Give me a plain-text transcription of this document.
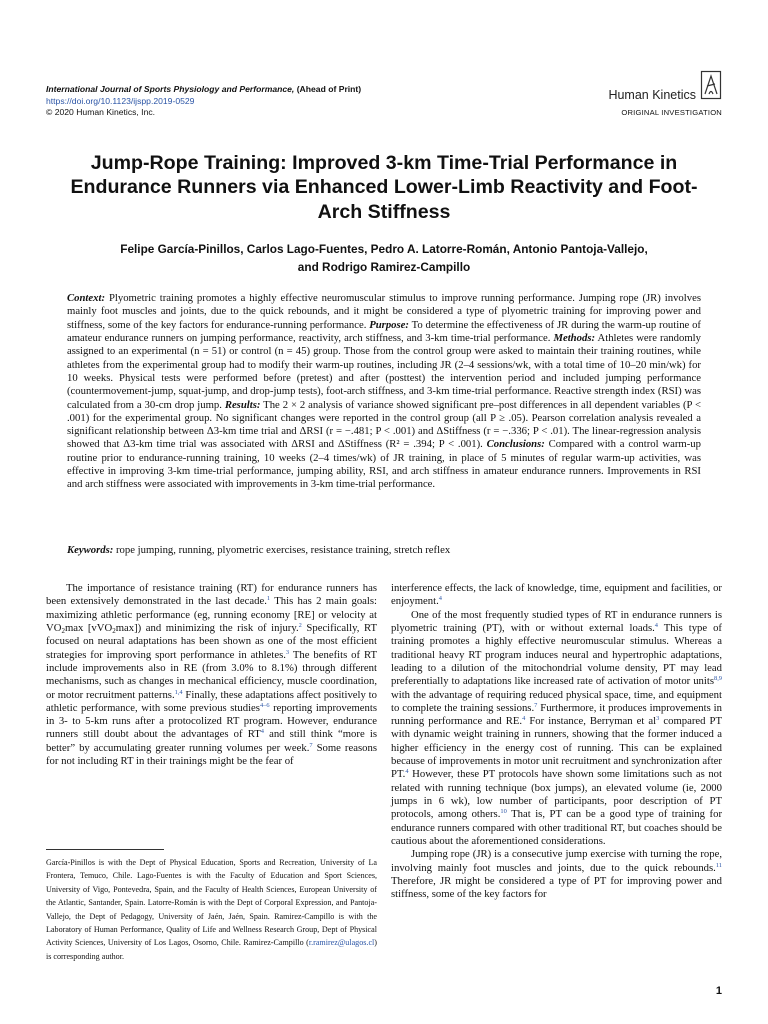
International Journal of Sports Physiology and Performance, (Ahead of Print)
https://doi.org/10.1123/ijspp.2019-0529
© 2020 Human Kinetics, Inc.
Human Kinetics
ORIGINAL INVESTIGATION
Jump-Rope Training: Improved 3-km Time-Trial Performance in Endurance Runners via Enhanced Lower-Limb Reactivity and Foot-Arch Stiffness
Felipe García-Pinillos, Carlos Lago-Fuentes, Pedro A. Latorre-Román, Antonio Pantoja-Vallejo,
and Rodrigo Ramirez-Campillo
Context: Plyometric training promotes a highly effective neuromuscular stimulus to improve running performance. Jumping rope (JR) involves mainly foot muscles and joints, due to the quick rebounds, and it might be considered a type of plyometric training for improving power and stiffness, some of the key factors for endurance-running performance. Purpose: To determine the effectiveness of JR during the warm-up routine of amateur endurance runners on jumping performance, reactivity, arch stiffness, and 3-km time-trial performance. Methods: Athletes were randomly assigned to an experimental (n = 51) or control (n = 45) group. Those from the control group were asked to maintain their training routines, while athletes from the experimental group had to modify their warm-up routines, including JR (2–4 sessions/wk, with a total time of 10–20 min/wk) for 10 weeks. Physical tests were performed before (pretest) and after (posttest) the intervention period and included jumping performance (countermovement-jump, squat-jump, and drop-jump tests), foot-arch stiffness, and 3-km time-trial performance. Reactive strength index (RSI) was calculated from a 30-cm drop jump. Results: The 2 × 2 analysis of variance showed significant pre–post differences in all dependent variables (P < .001) for the experimental group. No significant changes were reported in the control group (all P ≥ .05). Pearson correlation analysis revealed a significant relationship between Δ3-km time trial and ΔRSI (r = −.481; P < .001) and ΔStiffness (r = −.336; P < .01). The linear-regression analysis showed that Δ3-km time trial was associated with ΔRSI and ΔStiffness (R² = .394; P < .001). Conclusions: Compared with a control warm-up routine prior to endurance-running training, 10 weeks (2–4 times/wk) of JR training, in place of 5 minutes of regular warm-up activities, was effective in improving 3-km time-trial performance, jumping ability, RSI, and arch stiffness in amateur endurance runners. Improvements in RSI and arch stiffness were associated with improvements in 3-km time-trial performance.
Keywords: rope jumping, running, plyometric exercises, resistance training, stretch reflex

The importance of resistance training (RT) for endurance runners has been extensively demonstrated in the last decade.$^1$ This has 2 main goals: maximizing athletic performance (eg, running economy [RE] or velocity at $VO_2\max$ [vVO$_2$max]) and minimizing the risk of injury.$^2$ Specifically, RT focused on neural adaptations has been shown as one of the most efficient strategies for improving sport performance in athletes.$^3$ The benefits of RT include improvements also in RE (from 3.0% to 8.1%) through different mechanisms, such as changes in mechanical efficiency, muscle coordination, or motor recruitment patterns.$^{1,4}$ Finally, these adaptations affect positively to athletic performance, with some previous studies$^{4-6}$ reporting improvements in 3- to 5-km runs after a protocolized RT program. However, endurance runners still doubt about the advantages of $RT^4$ and still think “more is better” by accumulating greater running volumes per week.$^7$ Some reasons for not including RT in their trainings might be the fear of

García-Pinillos is with the Dept of Physical Education, Sports and Recreation, University of La Frontera, Temuco, Chile. Lago-Fuentes is with the Faculty of Education and Sport Sciences, University of Vigo, Pontevedra, Spain, and the Faculty of Health Sciences, European University of the Atlantic, Santander, Spain. Latorre-Román is with the Dept of Corporal Expression, and Pantoja-Vallejo, the Dept of Pedagogy, University of Jaén, Jaén, Spain. Ramirez-Campillo is with the Laboratory of Human Performance, Quality of Life and Wellness Research Group, Dept of Physical Activity Sciences, University of Los Lagos, Osorno, Chile. Ramirez-Campillo (r.ramirez@ulagos.cl) is corresponding author.

interference effects, the lack of knowledge, time, equipment and facilities, or enjoyment.$^4$

One of the most frequently studied types of RT in endurance runners is plyometric training (PT), with or without external loads.$^4$ This type of training promotes a highly effective neuromuscular stimulus. Whereas a traditional heavy RT program induces neural and hypertrophic adaptations, leading to a dilution of the mitochondrial volume density, PT may lead preferentially to adaptations like increased rate of activation of motor units$^{8,9}$ with the advantage of requiring reduced physical space, time, and equipment to complete the training sessions.$^7$ Furthermore, it produces improvements in running performance and RE.$^4$ For instance, Berryman et $al^3$ compared PT with dynamic weight training in runners, showing that the former induced a higher efficiency in the energy cost of running. This can be explained because of improvements in motor unit recruitment and synchronization after PT.$^4$ However, these PT protocols have shown some limitations such as not related with running technique (box jumps), an elevated volume (ie, 2000 jumps in 6 wk), low number of participants, poor description of PT protocols, among others.$^{10}$ That is, PT can be a good type of training for endurance runners compared with other traditional RT, but coaches should be cautious about the aforementioned considerations.

Jumping rope (JR) is a consecutive jump exercise with turning the rope, involving mainly foot muscles and joints, due to the quick rebounds.$^{11}$ Therefore, JR might be considered a type of PT for improving power and stiffness, some of the key factors for

1
